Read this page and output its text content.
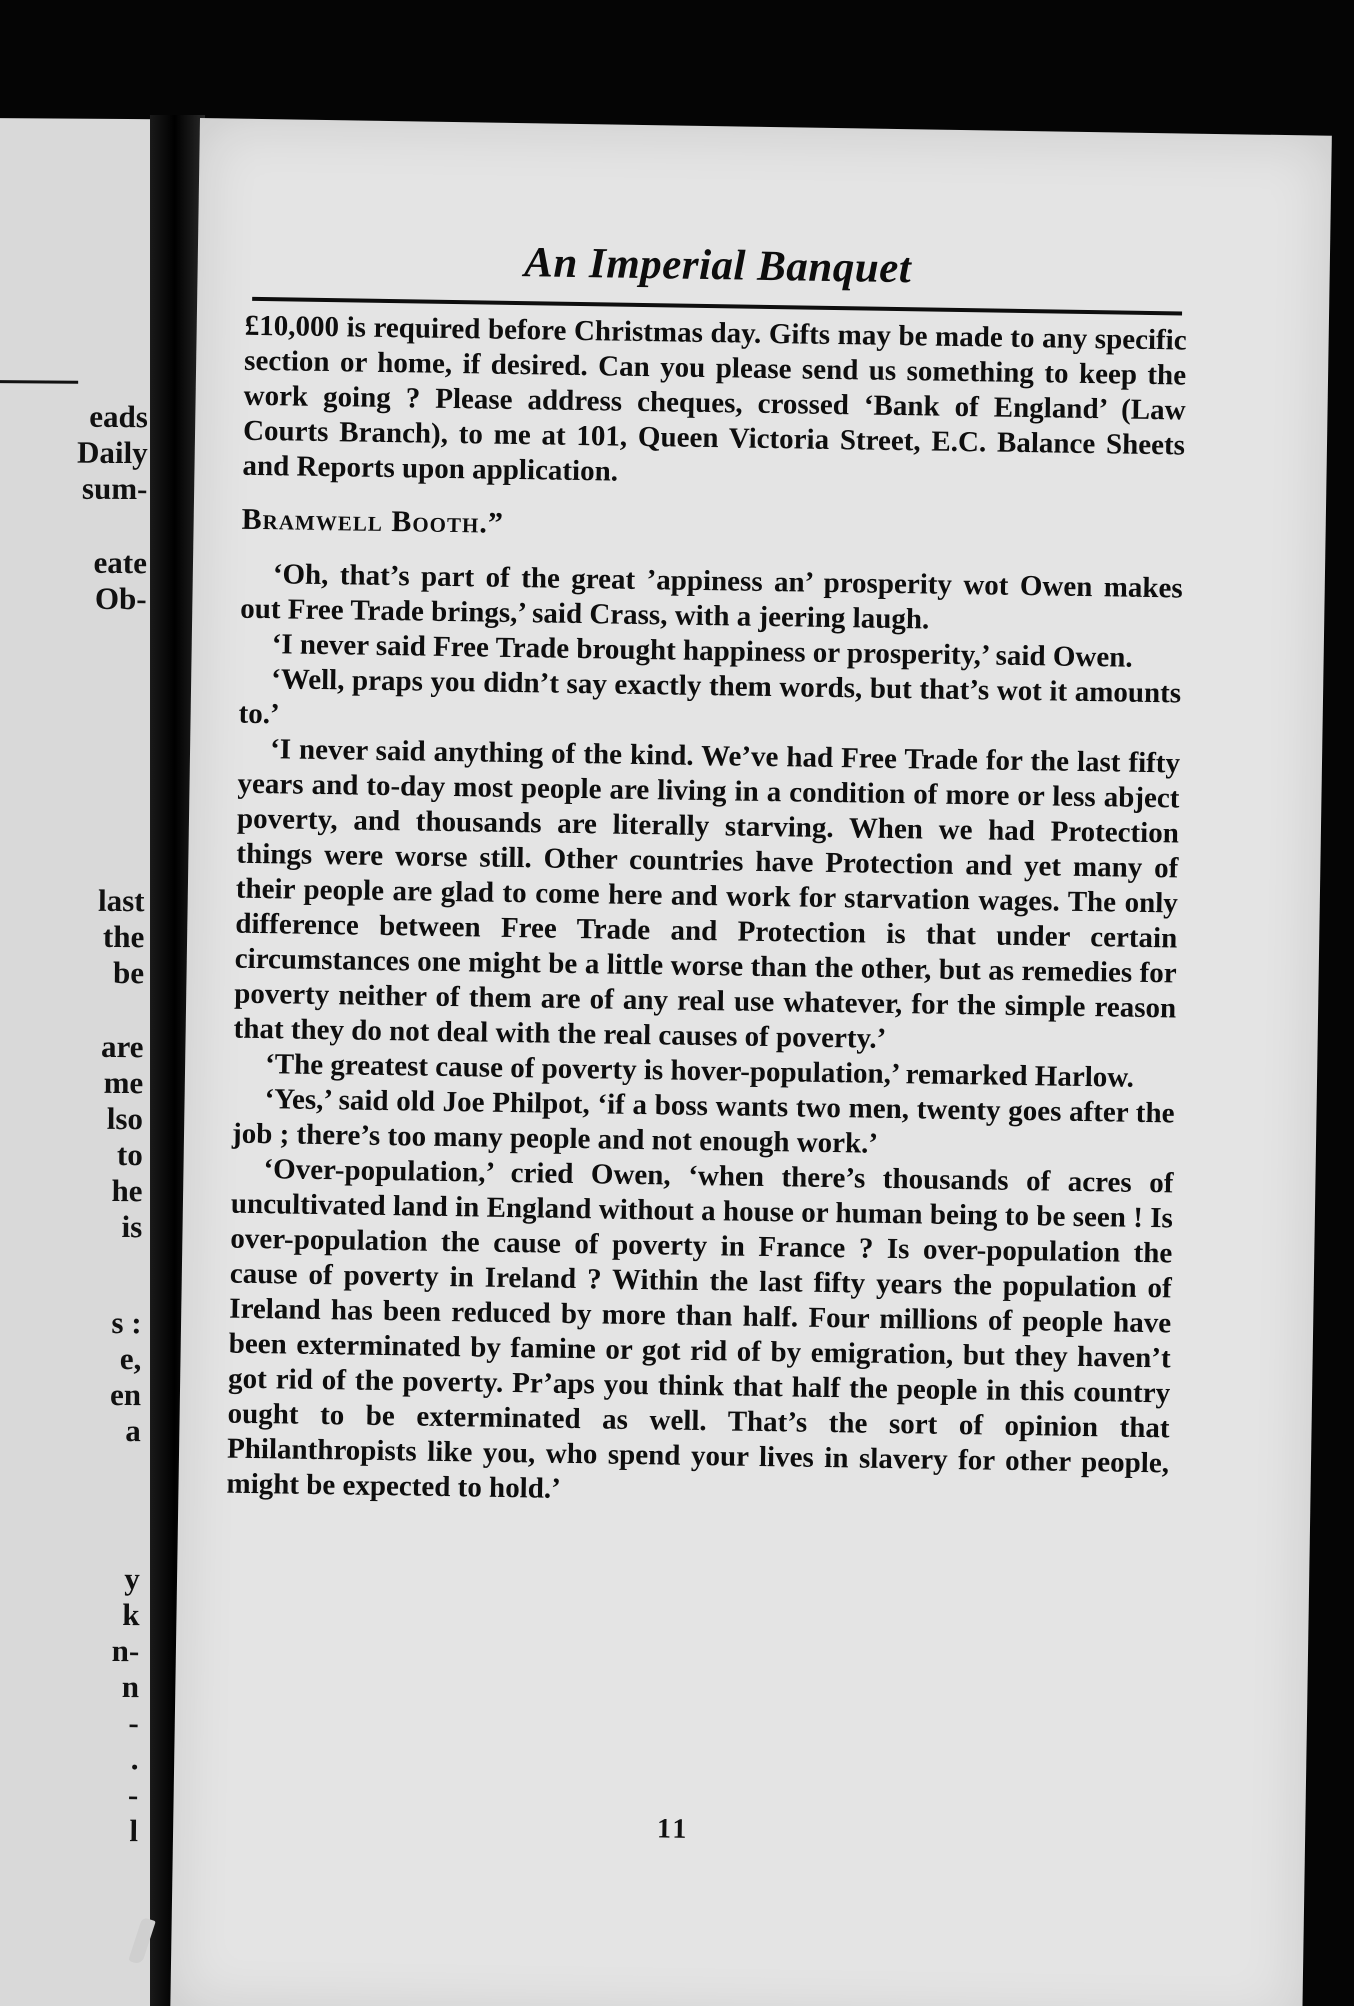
eads
Daily
sum-
eate
Ob-
last
the
be
are
me
lso
to
he
is
s :
e,
en
a
y
k
n-
n
-
.
-
l
An Imperial Banquet

£10,000 is required before Christmas day. Gifts may be made to any specific section or home, if desired. Can you please send us something to keep the work going ? Please address cheques, crossed ‘Bank of England’ (Law Courts Branch), to me at 101, Queen Victoria Street, E.C. Balance Sheets and Reports upon application.

Bramwell Booth.”

‘Oh, that’s part of the great ’appiness an’ prosperity wot Owen makes out Free Trade brings,’ said Crass, with a jeering laugh.

‘I never said Free Trade brought happiness or prosperity,’ said Owen.

‘Well, praps you didn’t say exactly them words, but that’s wot it amounts to.’

‘I never said anything of the kind. We’ve had Free Trade for the last fifty years and to-day most people are living in a condition of more or less abject poverty, and thousands are literally starving. When we had Protection things were worse still. Other countries have Protection and yet many of their people are glad to come here and work for starvation wages. The only difference between Free Trade and Protection is that under certain circumstances one might be a little worse than the other, but as remedies for poverty neither of them are of any real use whatever, for the simple reason that they do not deal with the real causes of poverty.’

‘The greatest cause of poverty is hover-population,’ remarked Harlow.

‘Yes,’ said old Joe Philpot, ‘if a boss wants two men, twenty goes after the job ; there’s too many people and not enough work.’

‘Over-population,’ cried Owen, ‘when there’s thousands of acres of uncultivated land in England without a house or human being to be seen ! Is over-population the cause of poverty in France ? Is over-population the cause of poverty in Ireland ? Within the last fifty years the population of Ireland has been reduced by more than half. Four millions of people have been exterminated by famine or got rid of by emigration, but they haven’t got rid of the poverty. Pr’aps you think that half the people in this country ought to be exterminated as well. That’s the sort of opinion that Philanthropists like you, who spend your lives in slavery for other people, might be expected to hold.’

11
